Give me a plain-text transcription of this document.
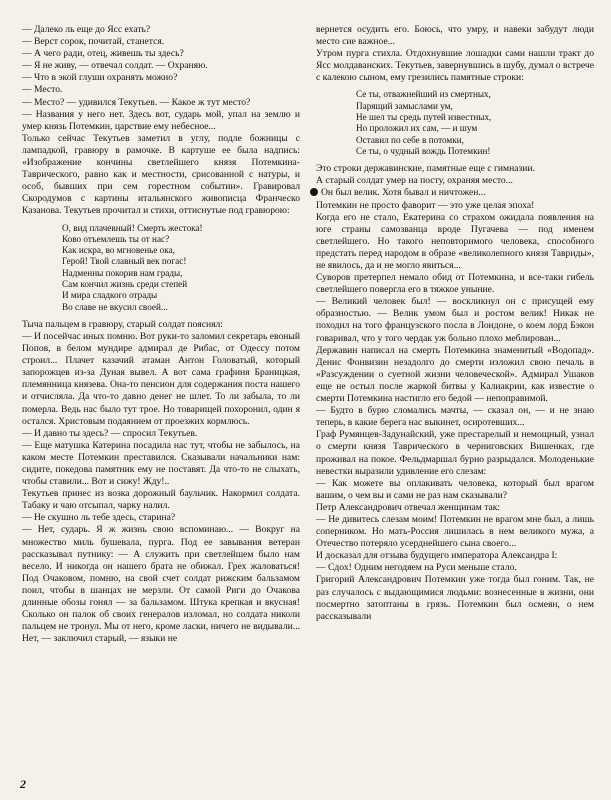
— Далеко ль еще до Ясс ехать?

— Верст сорок, почитай, станется.

— А чего ради, отец, живешь ты здесь?

— Я не живу, — отвечал солдат. — Охраняю.

— Что в экой глуши охранять можно?

— Место.

— Место? — удивился Текутьев. — Какое ж тут место?

— Названия у него нет. Здесь вот, сударь мой, упал на землю и умер князь Потемкин, царствие ему небесное...

Только сейчас Текутьев заметил в углу, подле божницы с лампадкой, гравюру в рамочке. В картуше ее была надпись: «Изображение кончины светлейшего князя Потемкина-Таврического, равно как и местности, срисованной с натуры, и особ, бывших при сем горестном событии». Гравировал Скородумов с картины итальянского живописца Франческо Казанова. Текутьев прочитал и стихи, оттиснутые под гравюрою:

О, вид плачевный! Смерть жестока!
Ково отъемлешь ты от нас?
Как искра, во мгновенье ока,
Герой! Твой славный век погас!
Надменны покорив нам грады,
Сам кончил жизнь среди степей
И мира сладкого отрады
Во славе не вкусил своей...

Тыча пальцем в гравюру, старый солдат пояснял:

— И посейчас иных помню. Вот руки-то заломил секретарь евоный Попов, в белом мундире адмирал де Рибас, от Одессу потом строил... Плачет казачий атаман Антон Головатый, который запорожцев из-за Дуная вывел. А вот сама графиня Браницкая, племянница князева. Она-то пенсион для содержания поста нашего и отчисляла. Да что-то давно денег не шлет. То ли забыла, то ли померла. Ведь нас было тут трое. Но товарищей похоронил, один я остался. Христовым подаянием от проезжих кормлюсь.

— И давно ты здесь? — спросил Текутьев.

— Еще матушка Катерина посадила нас тут, чтобы не забылось, на каком месте Потемкин преставился. Сказывали начальники нам: сидите, покедова памятник ему не поставят. Да что-то не слыхать, чтобы ставили... Вот и сижу! Жду!..

Текутьев принес из возка дорожный баульчик. Накормил солдата. Табаку и чаю отсыпал, чарку налил.

— Не скушно ль тебе здесь, старина?

— Нет, сударь. Я ж жизнь свою вспоминаю... — Вокруг на множество миль бушевала, пурга. Под ее завывания ветеран рассказывал путнику: — А служить при светлейшем было нам весело. И никогда он нашего брата не обижал. Грех жаловаться! Под Очаковом, помню, на свой счет солдат рижским бальзамом поил, чтобы в шанцах не мерзли. От самой Риги до Очакова длинные обозы гонял — за бальзамом. Штука крепкая и вкусная! Сколько он палок об своих генералов изломал, но солдата николи пальцем не тронул. Мы от него, кроме ласки, ничего не видывали... Нет, — заключил старый, — языки не

вернется осудить его. Боюсь, что умру, и навеки забудут люди место сие важное...

Утром пурга стихла. Отдохнувшие лошадки сами нашли тракт до Ясс молдаванских. Текутьев, завернувшись в шубу, думал о встрече с калекою сыном, ему грезились памятные строки:

Се ты, отважнейший из смертных,
Парящий замыслами ум,
Не шел ты средь путей известных,
Но проложил их сам, — и шум
Оставил по себе в потомки,
Се ты, о чудный вождь Потемкин!

Это строки державинские, памятные еще с гимназии.

А старый солдат умер на посту, охраняя место...

Он был велик. Хотя бывал и ничтожен...

Потемкин не просто фаворит — это уже целая эпоха!

Когда его не стало, Екатерина со страхом ожидала появления на юге страны самозванца вроде Пугачева — под именем светлейшего. Но такого неповторимого человека, способного предстать перед народом в образе «великолепного князя Тавриды», не явилось, да и не могло явиться...

Суворов претерпел немало обид от Потемкина, и все-таки гибель светлейшего повергла его в тяжкое уныние.

— Великий человек был! — воскликнул он с присущей ему образностью. — Велик умом был и ростом велик! Никак не походил на того французского посла в Лондоне, о коем лорд Бэкон говаривал, что у того чердак уж больно плохо меблирован...

Державин написал на смерть Потемкина знаменитый «Водопад». Денис Фонвизин незадолго до смерти изложил свою печаль в «Разсуждении о суетной жизни человеческой». Адмирал Ушаков еще не остыл после жаркой битвы у Калиакрии, как известие о смерти Потемкина настигло его бедой — непоправимой.

— Будто в бурю сломались мачты, — сказал он, — и не знаю теперь, в какие берега нас выкинет, осиротевших...

Граф Румянцев-Задунайский, уже престарелый и немощный, узнал о смерти князя Таврического в черниговских Вишенках, где проживал на покое. Фельдмаршал бурно разрыдался. Молоденькие невестки выразили удивление его слезам:

— Как можете вы оплакивать человека, который был врагом вашим, о чем вы и сами не раз нам сказывали?

Петр Александрович отвечал женщинам так:

— Не дивитесь слезам моим! Потемкин не врагом мне был, а лишь соперником. Но мать-Россия лишилась в нем великого мужа, а Отечество потеряло усерднейшего сына своего...

И досказал для отзыва будущего императора Александра I:

— Сдох! Одним негодяем на Руси меньше стало.

Григорий Александрович Потемкин уже тогда был гоним. Так, не раз случалось с выдающимися людьми: вознесенные в жизни, они посмертно затоптаны в грязь. Потемкин был осмеян, о нем рассказывали

2
